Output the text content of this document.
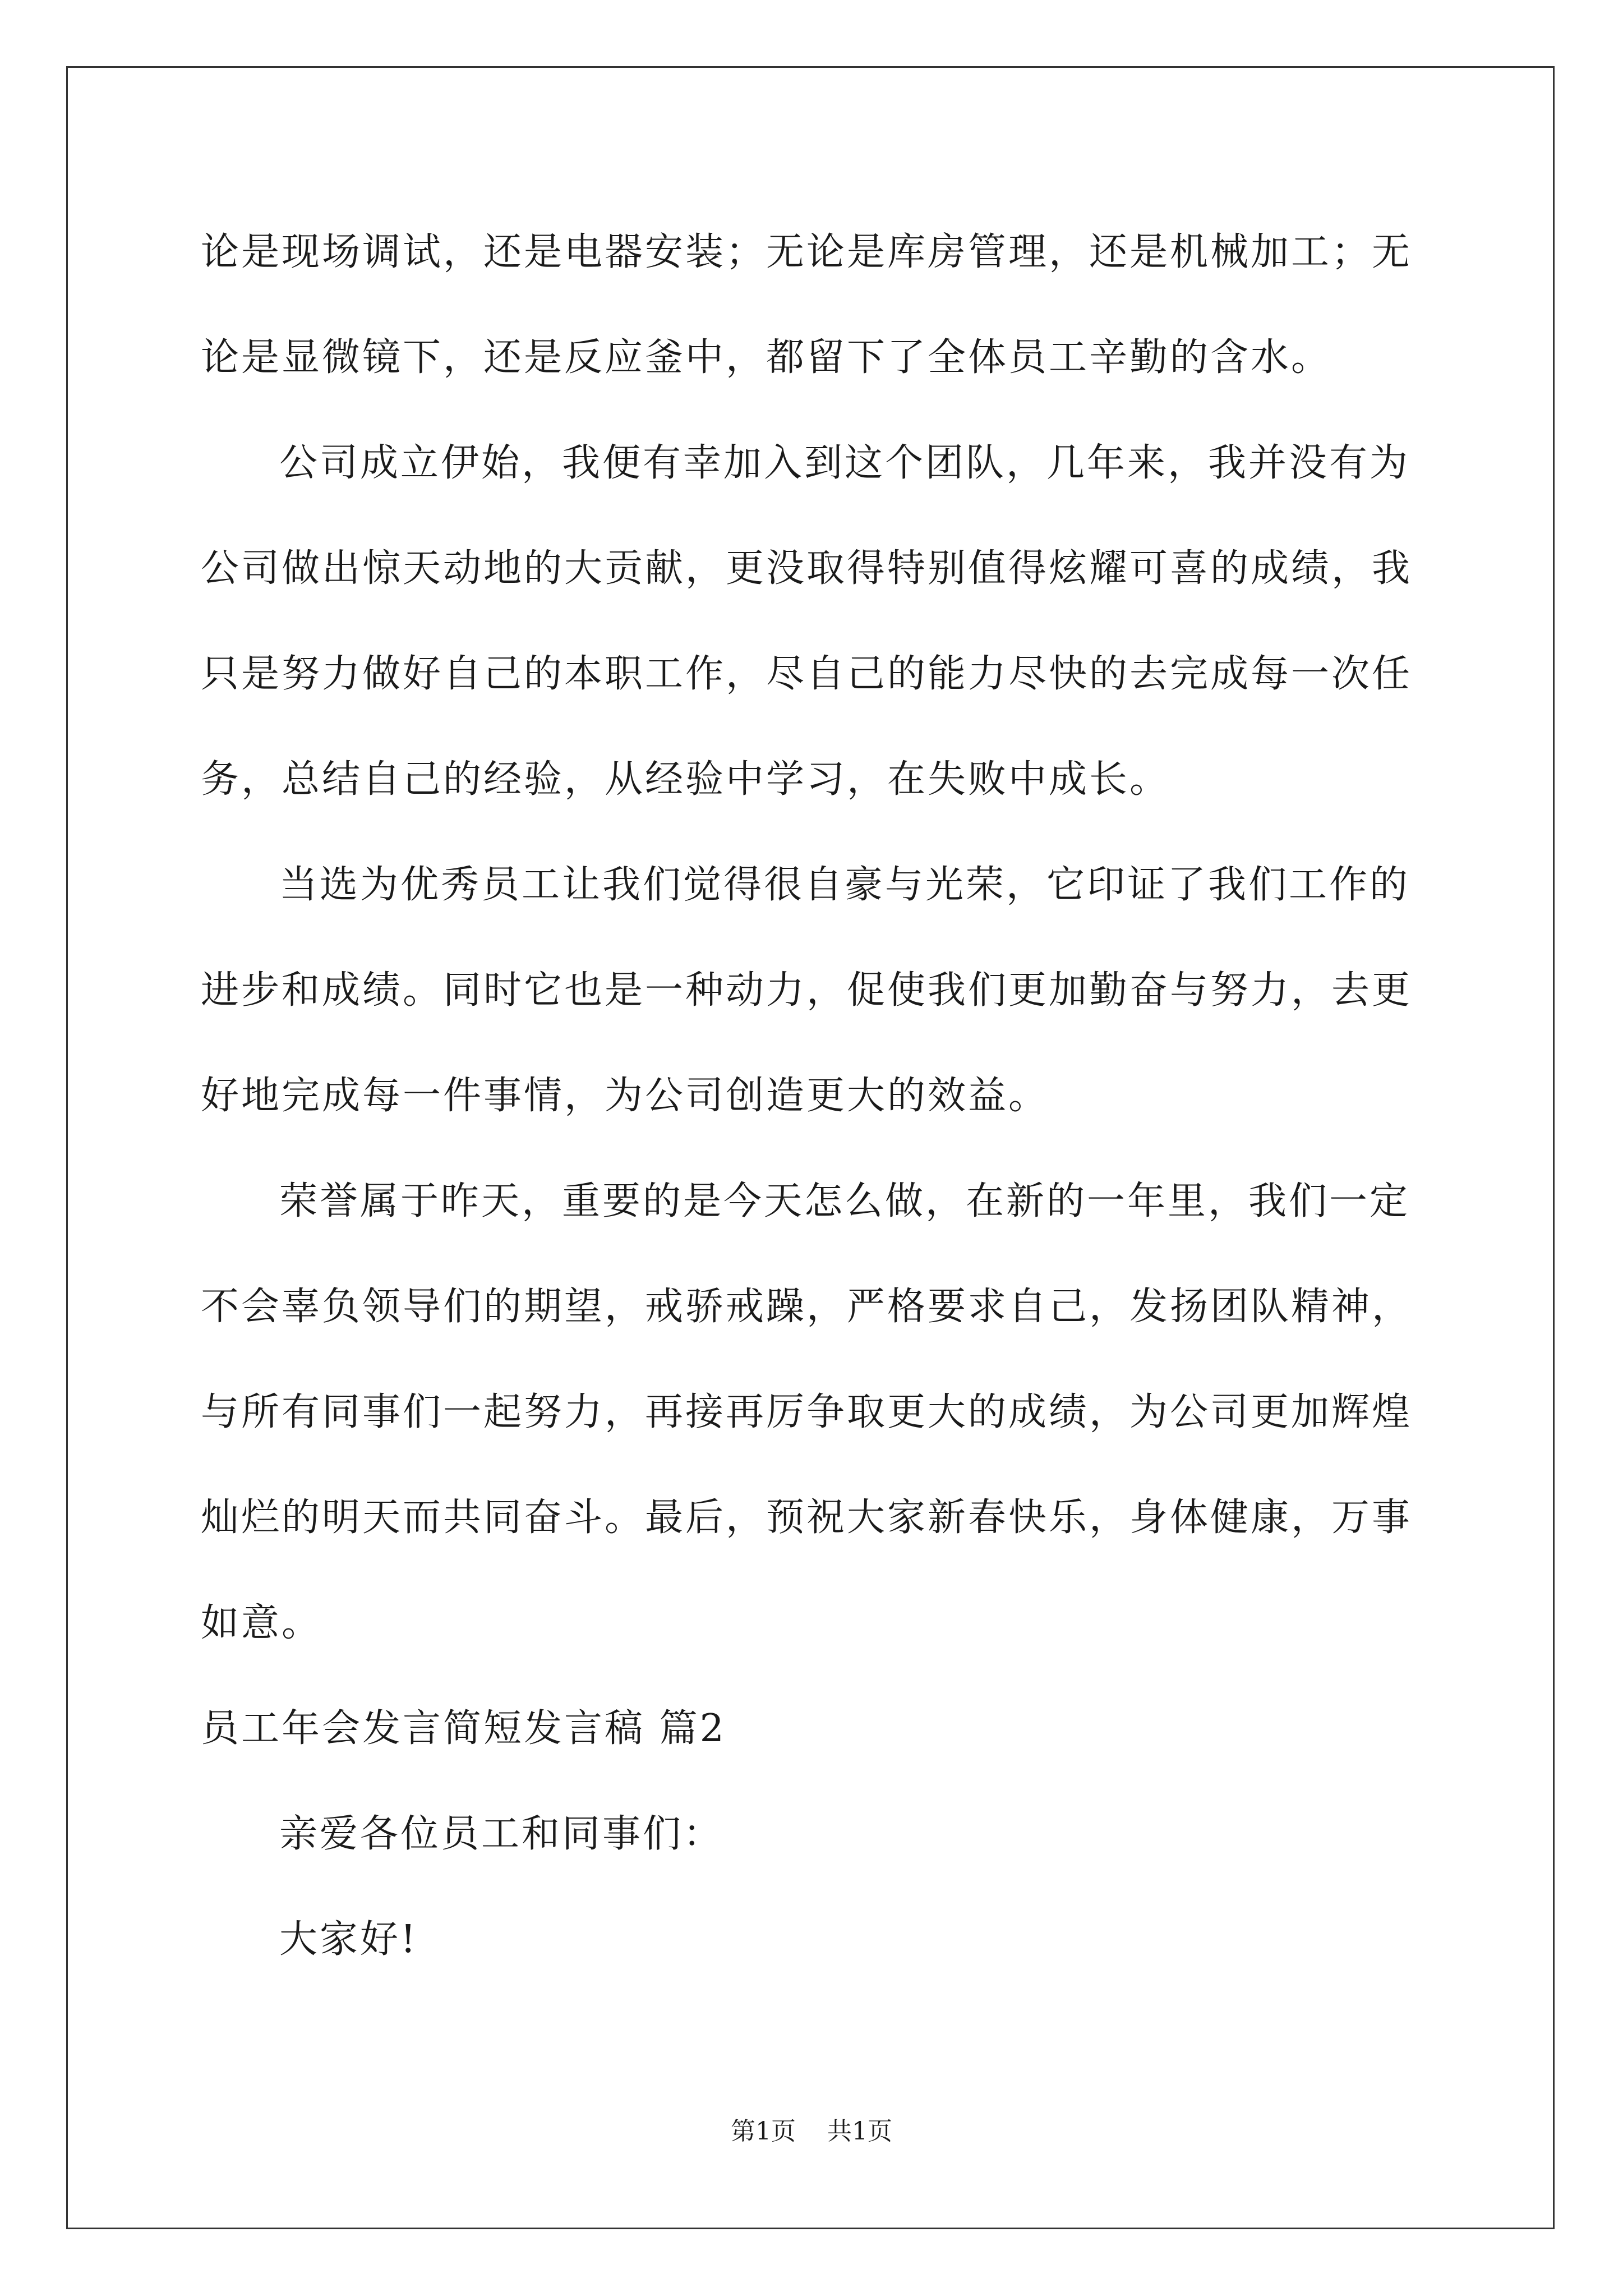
论是现场调试，还是电器安装；无论是库房管理，还是机械加工；无
论是显微镜下，还是反应釜中，都留下了全体员工辛勤的含水。
公司成立伊始，我便有幸加入到这个团队，几年来，我并没有为
公司做出惊天动地的大贡献，更没取得特别值得炫耀可喜的成绩，我
只是努力做好自己的本职工作，尽自己的能力尽快的去完成每一次任
务，总结自己的经验，从经验中学习，在失败中成长。
当选为优秀员工让我们觉得很自豪与光荣，它印证了我们工作的
进步和成绩。同时它也是一种动力，促使我们更加勤奋与努力，去更
好地完成每一件事情，为公司创造更大的效益。
荣誉属于昨天，重要的是今天怎么做，在新的一年里，我们一定
不会辜负领导们的期望，戒骄戒躁，严格要求自己，发扬团队精神，
与所有同事们一起努力，再接再厉争取更大的成绩，为公司更加辉煌
灿烂的明天而共同奋斗。最后，预祝大家新春快乐，身体健康，万事
如意。
员工年会发言简短发言稿 篇2
亲爱各位员工和同事们：
大家好!
第1页 共1页
